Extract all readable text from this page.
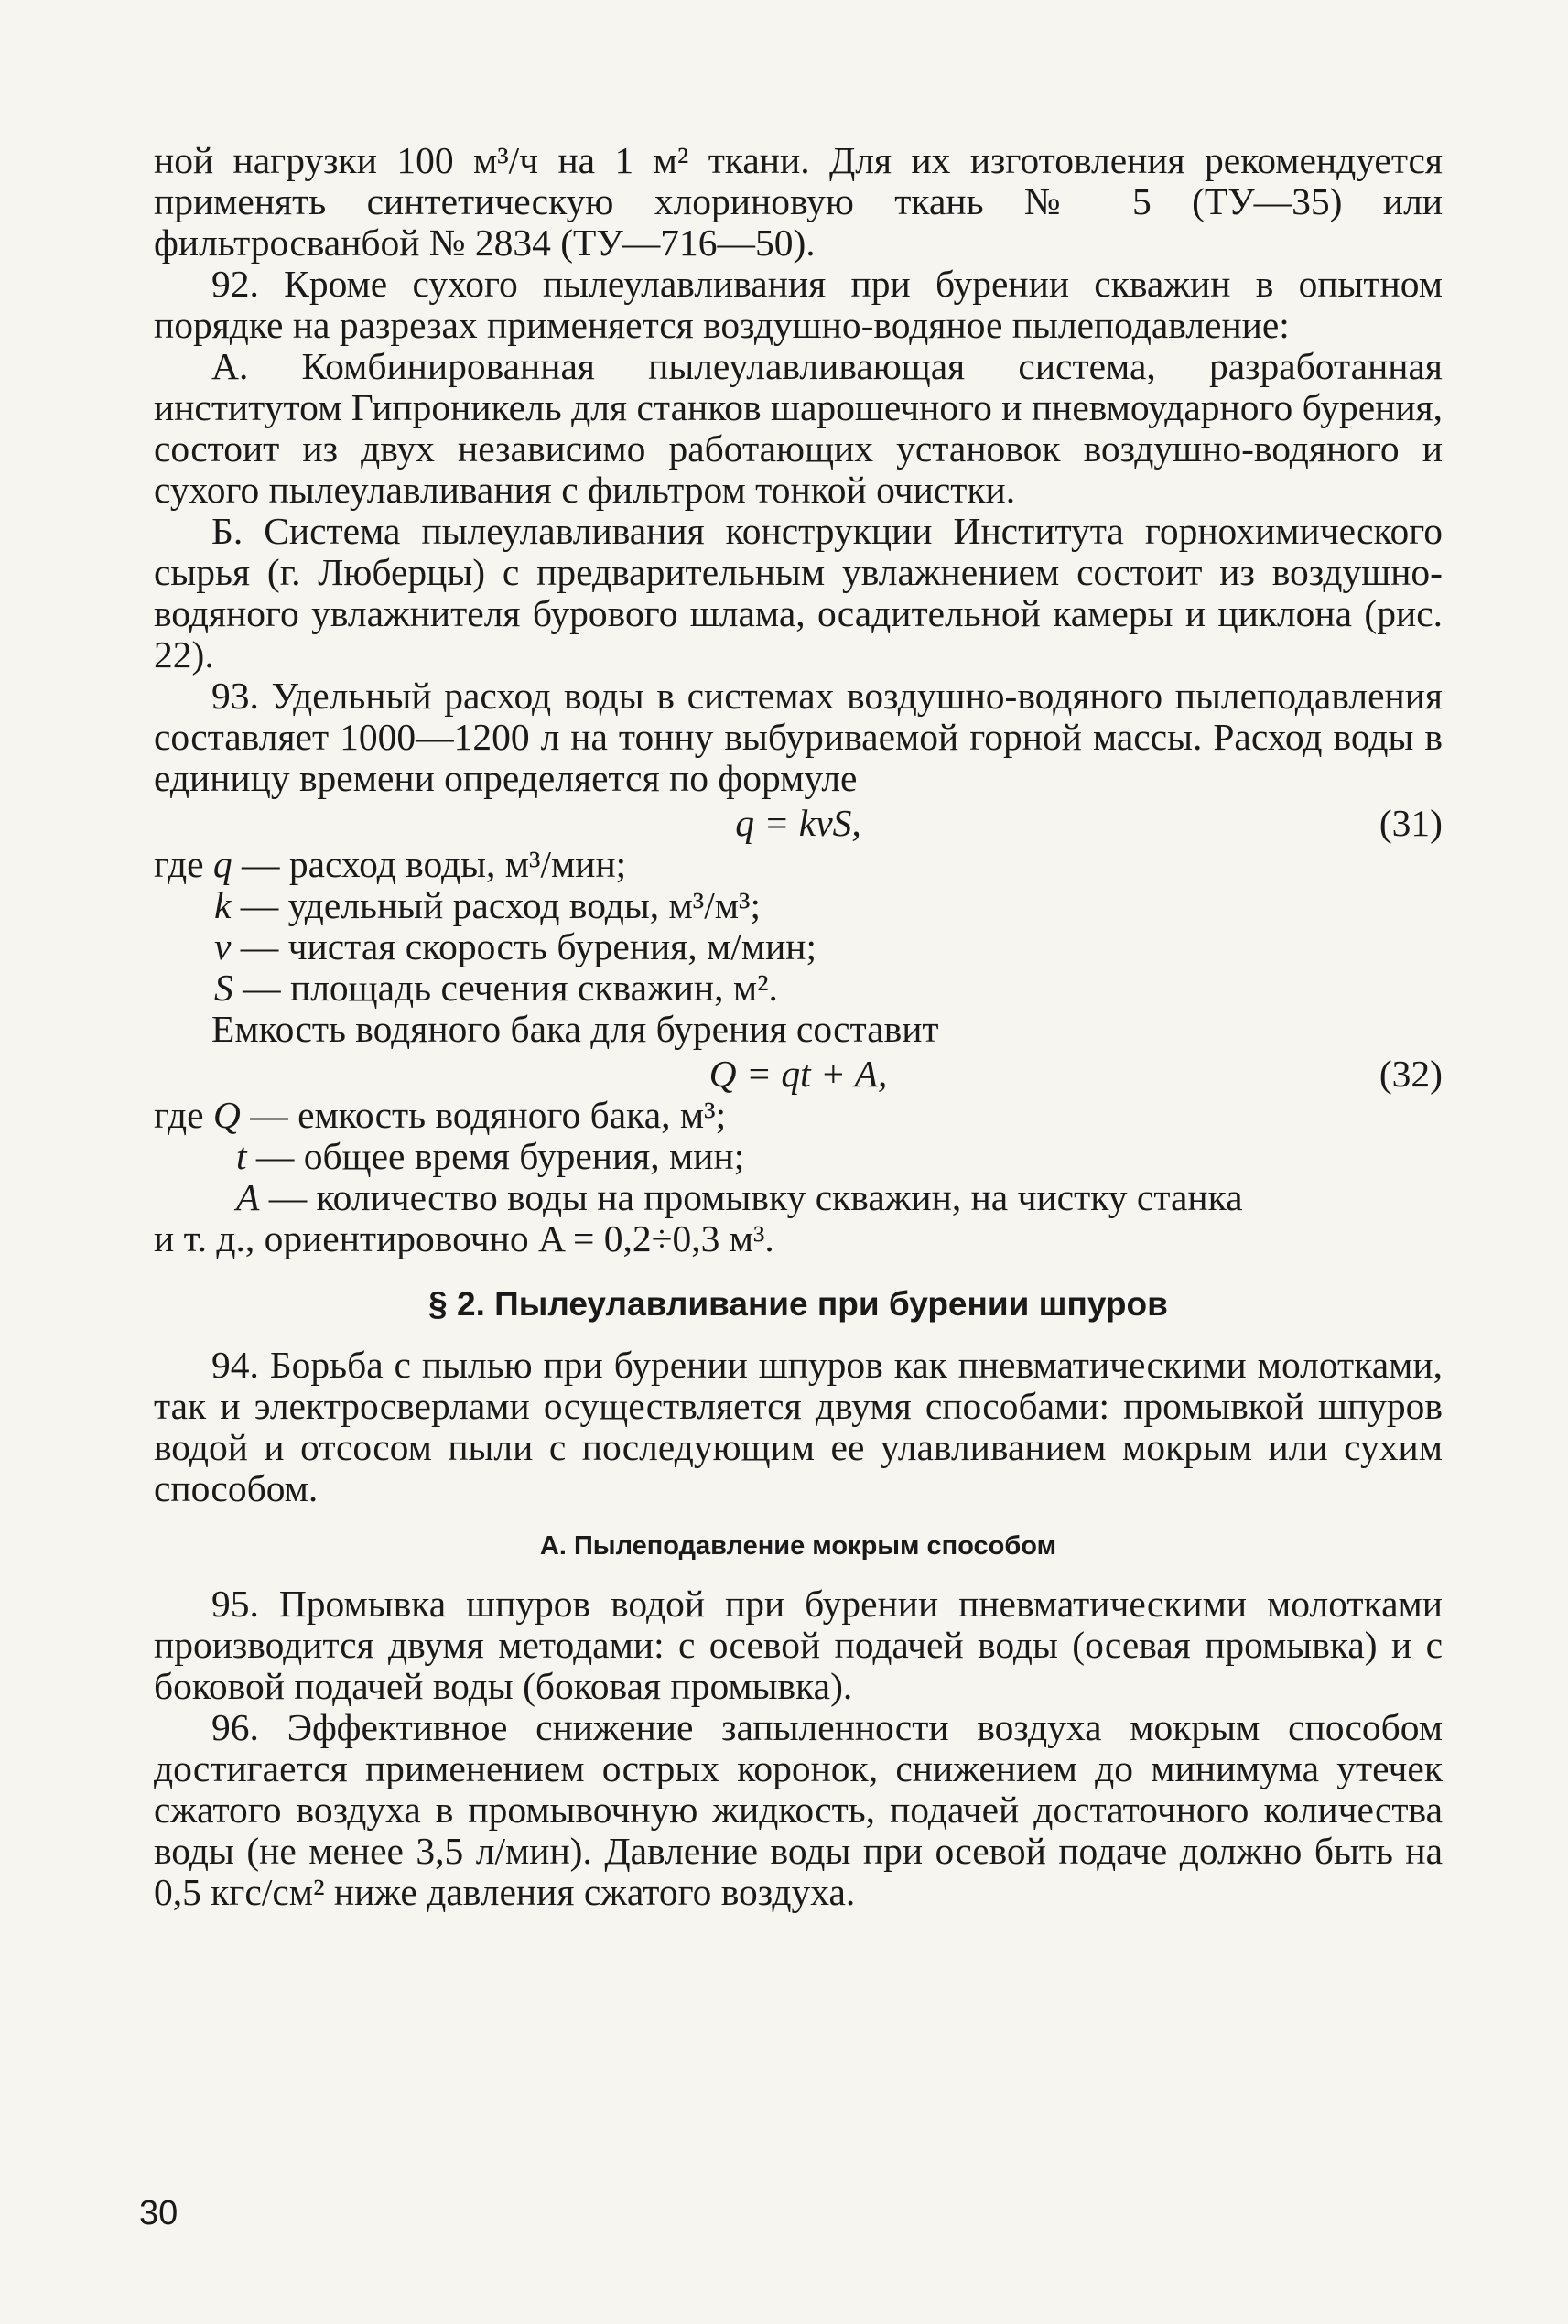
ной нагрузки 100 м³/ч на 1 м² ткани. Для их изготовления рекомендуется применять синтетическую хлориновую ткань № 5 (ТУ—35) или фильтросванбой № 2834 (ТУ—716—50).

92. Кроме сухого пылеулавливания при бурении скважин в опытном порядке на разрезах применяется воздушно-водяное пылеподавление:

А. Комбинированная пылеулавливающая система, разработанная институтом Гипроникель для станков шарошечного и пневмоударного бурения, состоит из двух независимо работающих установок воздушно-водяного и сухого пылеулавливания с фильтром тонкой очистки.

Б. Система пылеулавливания конструкции Института горнохимического сырья (г. Люберцы) с предварительным увлажнением состоит из воздушно-водяного увлажнителя бурового шлама, осадительной камеры и циклона (рис. 22).

93. Удельный расход воды в системах воздушно-водяного пылеподавления составляет 1000—1200 л на тонну выбуриваемой горной массы. Расход воды в единицу времени определяется по формуле

q = kvS,	(31)
где q — расход воды, м³/мин;
k — удельный расход воды, м³/м³;
v — чистая скорость бурения, м/мин;
S — площадь сечения скважин, м².

Емкость водяного бака для бурения составит

Q = qt + A,	(32)
где Q — емкость водяного бака, м³;
t — общее время бурения, мин;
A — количество воды на промывку скважин, на чистку станка
и т. д., ориентировочно A = 0,2÷0,3 м³.
§ 2. Пылеулавливание при бурении шпуров

94. Борьба с пылью при бурении шпуров как пневматическими молотками, так и электросверлами осуществляется двумя способами: промывкой шпуров водой и отсосом пыли с последующим ее улавливанием мокрым или сухим способом.

А. Пылеподавление мокрым способом

95. Промывка шпуров водой при бурении пневматическими молотками производится двумя методами: с осевой подачей воды (осевая промывка) и с боковой подачей воды (боковая промывка).

96. Эффективное снижение запыленности воздуха мокрым способом достигается применением острых коронок, снижением до минимума утечек сжатого воздуха в промывочную жидкость, подачей достаточного количества воды (не менее 3,5 л/мин). Давление воды при осевой подаче должно быть на 0,5 кгс/см² ниже давления сжатого воздуха.

30
